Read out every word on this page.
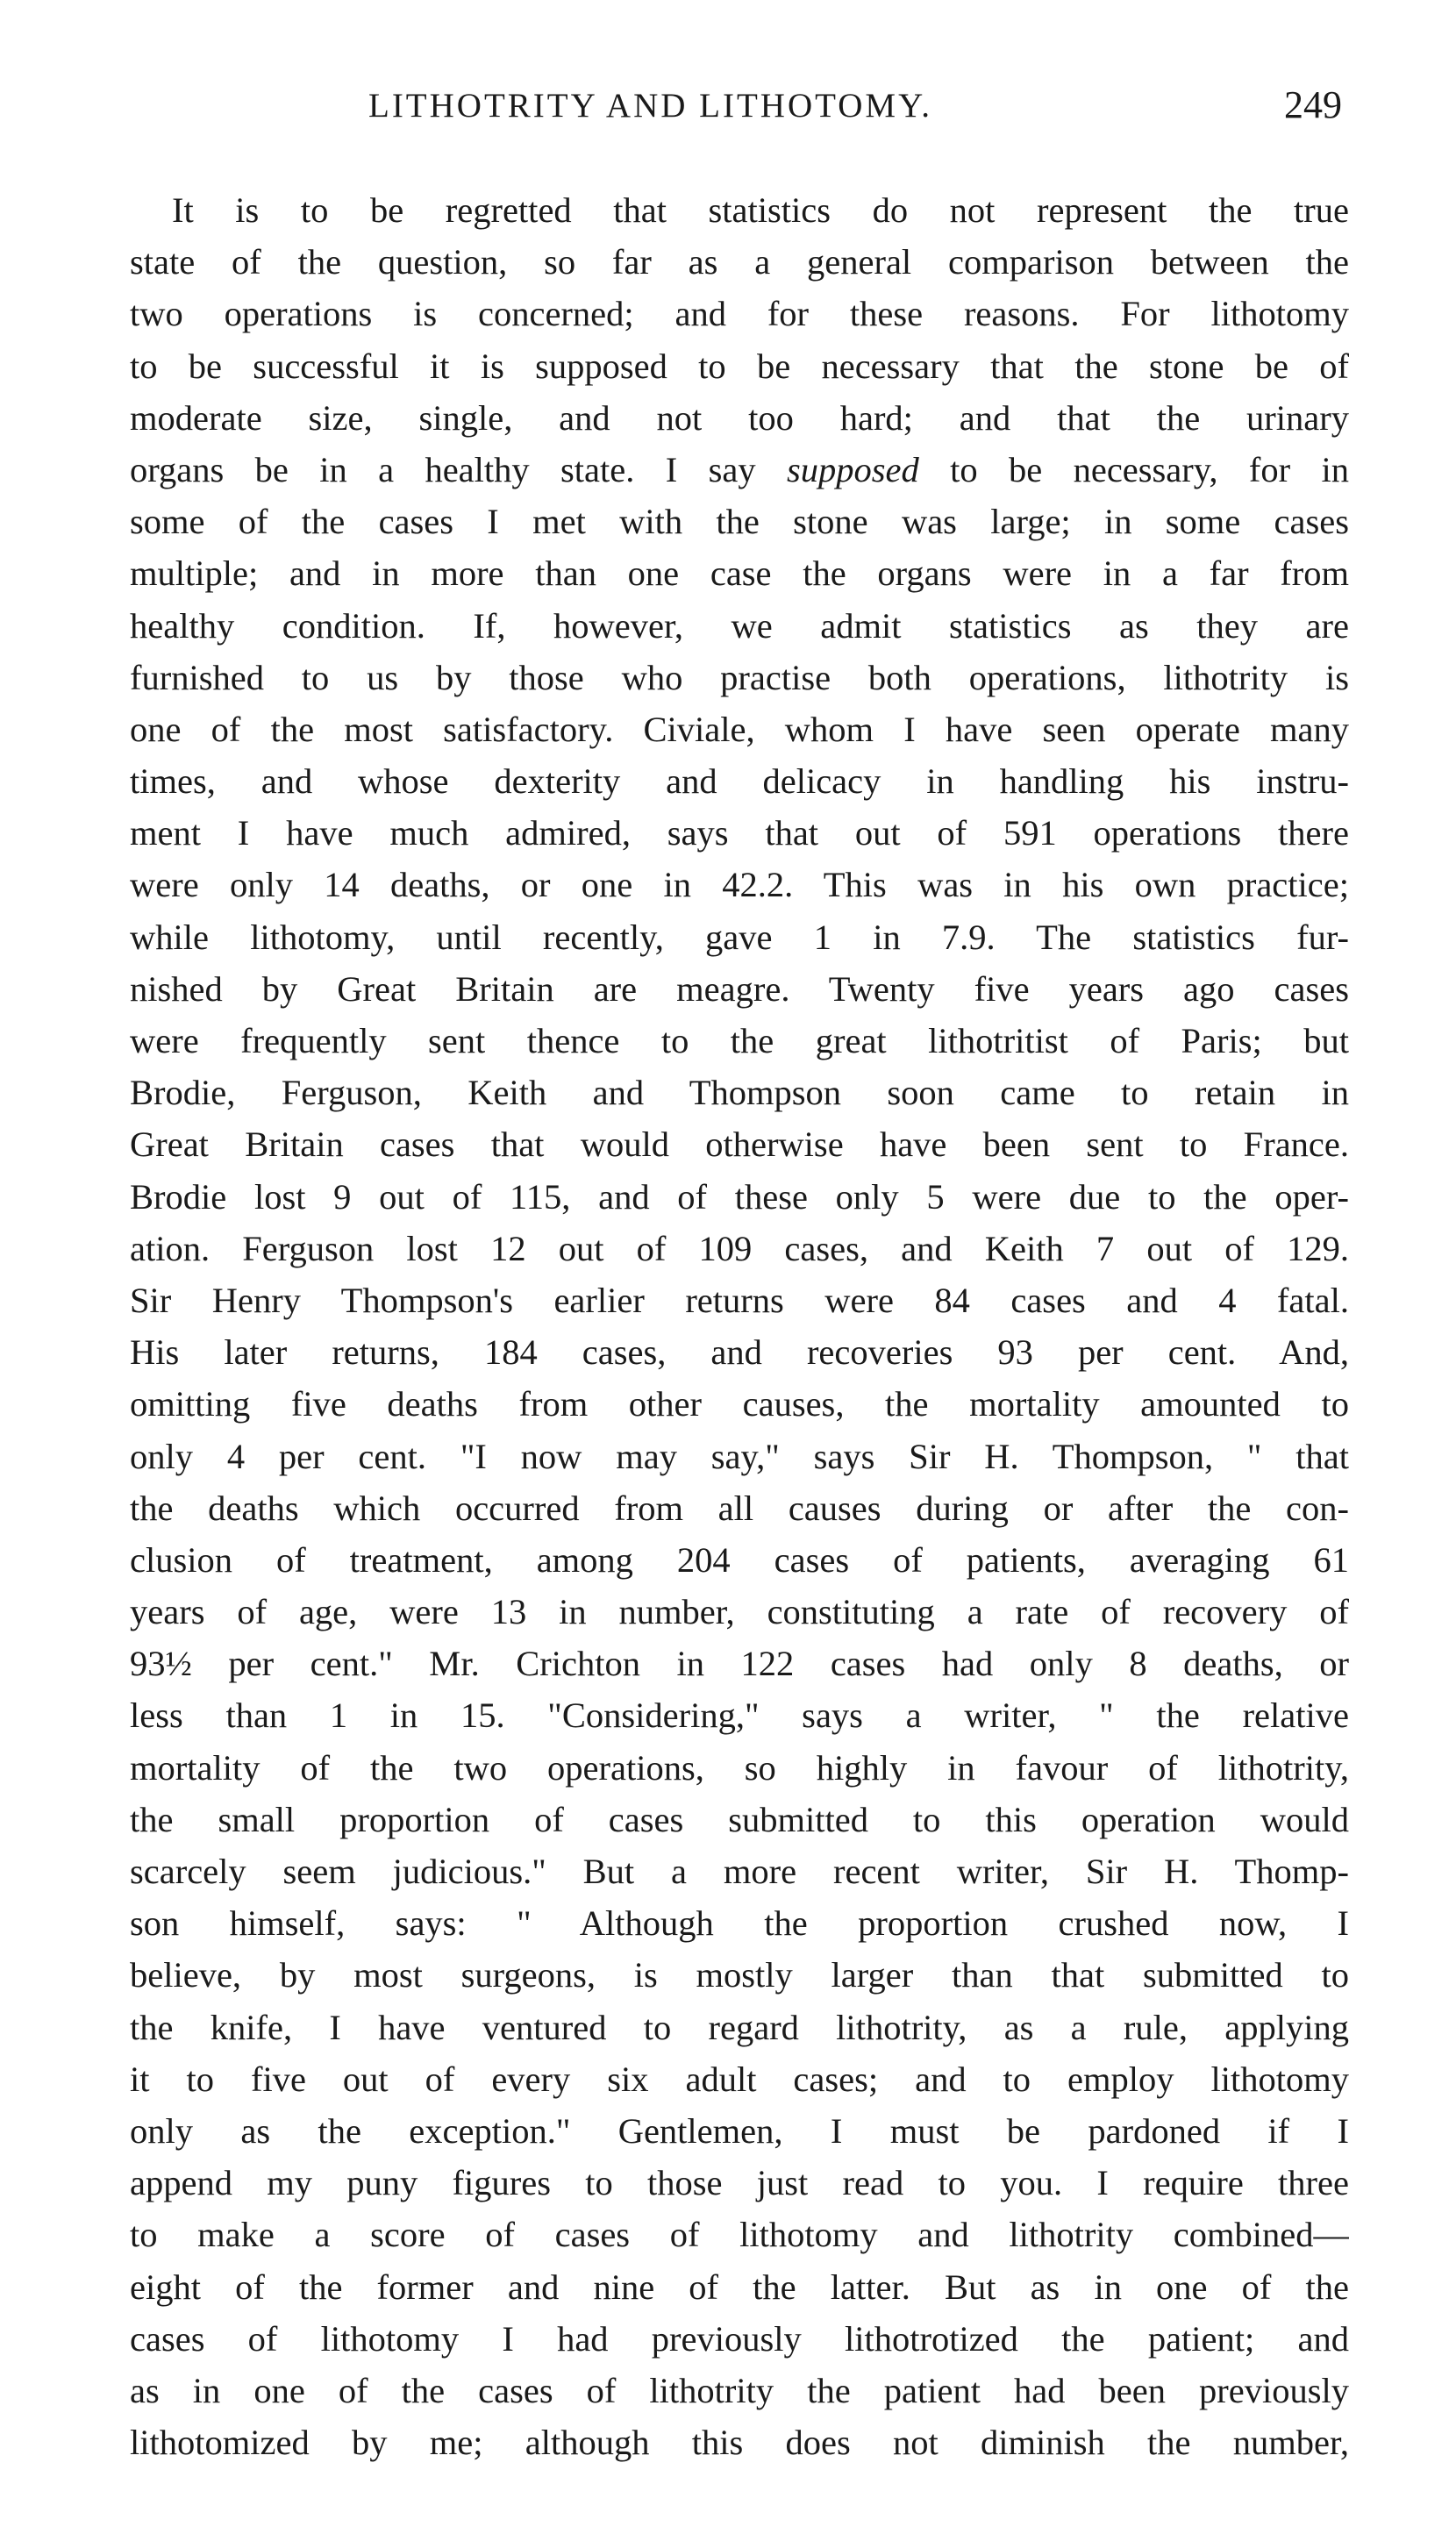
LITHOTRITY AND LITHOTOMY.	249
It is to be regretted that statistics do not represent the true
state of the question, so far as a general comparison between the
two operations is concerned; and for these reasons. For lithotomy
to be successful it is supposed to be necessary that the stone be of
moderate size, single, and not too hard; and that the urinary
organs be in a healthy state. I say supposed to be necessary, for in
some of the cases I met with the stone was large; in some cases
multiple; and in more than one case the organs were in a far from
healthy condition. If, however, we admit statistics as they are
furnished to us by those who practise both operations, lithotrity is
one of the most satisfactory. Civiale, whom I have seen operate many
times, and whose dexterity and delicacy in handling his instru-
ment I have much admired, says that out of 591 operations there
were only 14 deaths, or one in 42.2. This was in his own practice;
while lithotomy, until recently, gave 1 in 7.9. The statistics fur-
nished by Great Britain are meagre. Twenty five years ago cases
were frequently sent thence to the great lithotritist of Paris; but
Brodie, Ferguson, Keith and Thompson soon came to retain in
Great Britain cases that would otherwise have been sent to France.
Brodie lost 9 out of 115, and of these only 5 were due to the oper-
ation. Ferguson lost 12 out of 109 cases, and Keith 7 out of 129.
Sir Henry Thompson's earlier returns were 84 cases and 4 fatal.
His later returns, 184 cases, and recoveries 93 per cent. And,
omitting five deaths from other causes, the mortality amounted to
only 4 per cent. "I now may say," says Sir H. Thompson, " that
the deaths which occurred from all causes during or after the con-
clusion of treatment, among 204 cases of patients, averaging 61
years of age, were 13 in number, constituting a rate of recovery of
93½ per cent." Mr. Crichton in 122 cases had only 8 deaths, or
less than 1 in 15. "Considering," says a writer, " the relative
mortality of the two operations, so highly in favour of lithotrity,
the small proportion of cases submitted to this operation would
scarcely seem judicious." But a more recent writer, Sir H. Thomp-
son himself, says: " Although the proportion crushed now, I
believe, by most surgeons, is mostly larger than that submitted to
the knife, I have ventured to regard lithotrity, as a rule, applying
it to five out of every six adult cases; and to employ lithotomy
only as the exception." Gentlemen, I must be pardoned if I
append my puny figures to those just read to you. I require three
to make a score of cases of lithotomy and lithotrity combined—
eight of the former and nine of the latter. But as in one of the
cases of lithotomy I had previously lithotrotized the patient; and
as in one of the cases of lithotrity the patient had been previously
lithotomized by me; although this does not diminish the number,
